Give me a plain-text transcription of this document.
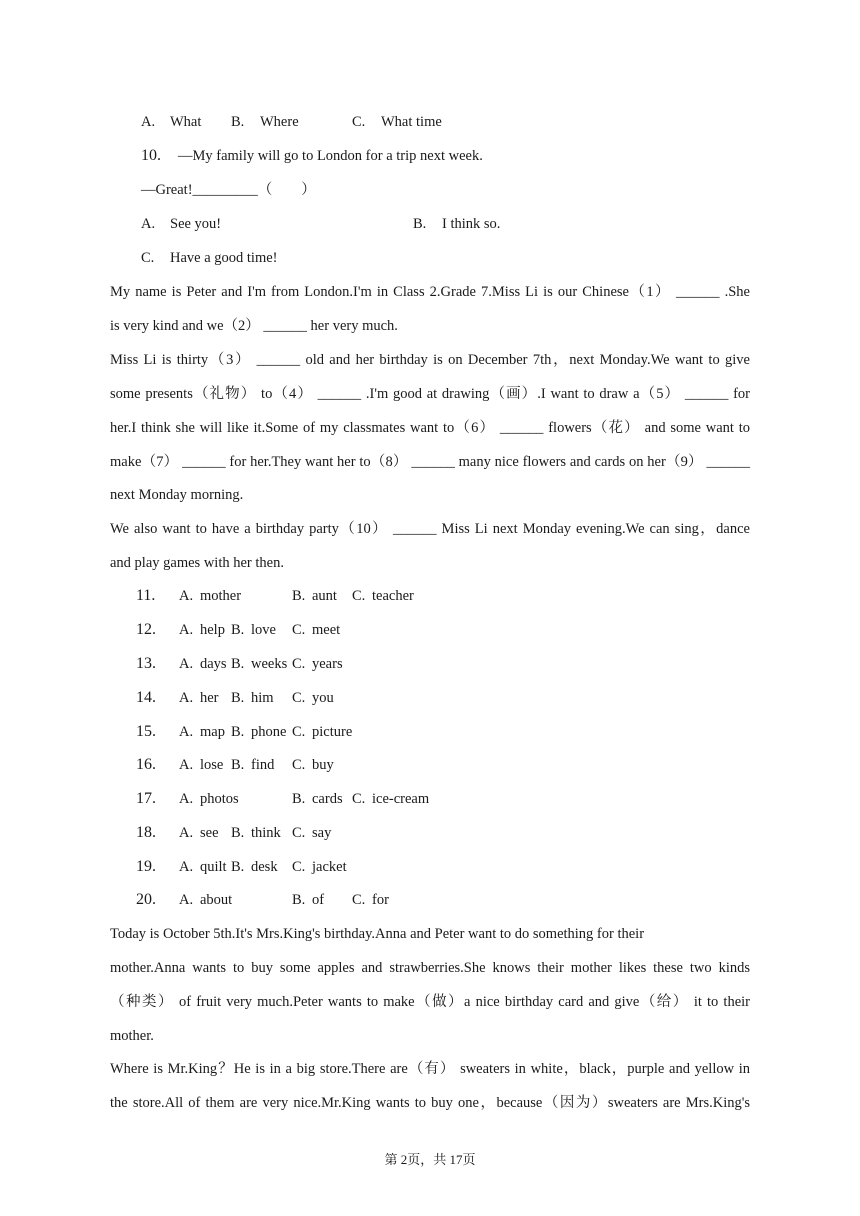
A. What B. Where	C. What time
10. —My family will go to London for a trip next week.
—Great!_________（　　）
A. See you!	B. I think so.
C. Have a good time!
My name is Peter and I'm from London.I'm in Class 2.Grade 7.Miss Li is our Chinese（1） ______ .She
is very kind and we（2） ______ her very much.
Miss Li is thirty（3） ______ old and her birthday is on December 7th，next Monday.We want to give
some presents（礼物） to（4） ______ .I'm good at drawing（画）.I want to draw a（5） ______ for
her.I think she will like it.Some of my classmates want to（6） ______ flowers（花） and some want to
make（7） ______ for her.They want her to（8） ______ many nice flowers and cards on her（9） ______
next Monday morning.
We also want to have a birthday party（10） ______ Miss Li next Monday evening.We can sing，dance
and play games with her then.
11. A. mother	B. aunt C. teacher
12. A. help B. love C. meet
13. A. days B. weeks C. years
14. A. her B. him C. you
15. A. map B. phone C. picture
16. A. lose B. find C. buy
17. A. photos	B. cards C. ice-cream
18. A. see B. think C. say
19. A. quilt B. desk C. jacket
20. A. about	B. of C. for
Today is October 5th.It's Mrs.King's birthday.Anna and Peter want to do something for their
mother.Anna wants to buy some apples and strawberries.She knows their mother likes these two kinds
（种类） of fruit very much.Peter wants to make（做）a nice birthday card and give（给） it to their
mother.
Where is Mr.King？He is in a big store.There are（有） sweaters in white，black，purple and yellow in
the store.All of them are very nice.Mr.King wants to buy one，because（因为）sweaters are Mrs.King's
第 2页，共 17页
